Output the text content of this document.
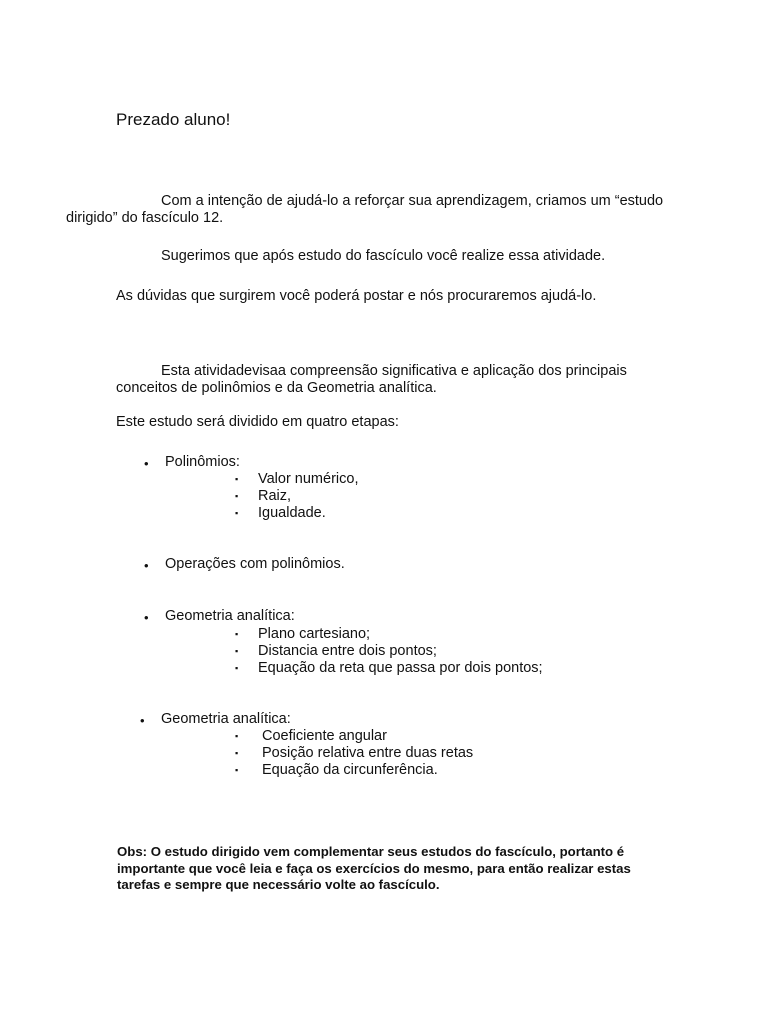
Prezado aluno!
Com a intenção de ajudá-lo a reforçar sua aprendizagem, criamos um “estudo
dirigido” do fascículo 12.
Sugerimos que após estudo do fascículo você realize essa atividade.
As dúvidas que surgirem você poderá postar e nós procuraremos ajudá-lo.
Esta atividadevisaa compreensão significativa e aplicação dos principais
conceitos de polinômios e da Geometria analítica.
Este estudo será dividido em quatro etapas:
• Polinômios:
▪ Valor numérico,
▪ Raiz,
▪ Igualdade.
• Operações com polinômios.
• Geometria analítica:
▪ Plano cartesiano;
▪ Distancia entre dois pontos;
▪ Equação da reta que passa por dois pontos;
• Geometria analítica:
▪ Coeficiente angular
▪ Posição relativa entre duas retas
▪ Equação da circunferência.
Obs: O estudo dirigido vem complementar seus estudos do fascículo, portanto é
importante que você leia e faça os exercícios do mesmo, para então realizar estas
tarefas e sempre que necessário volte ao fascículo.
